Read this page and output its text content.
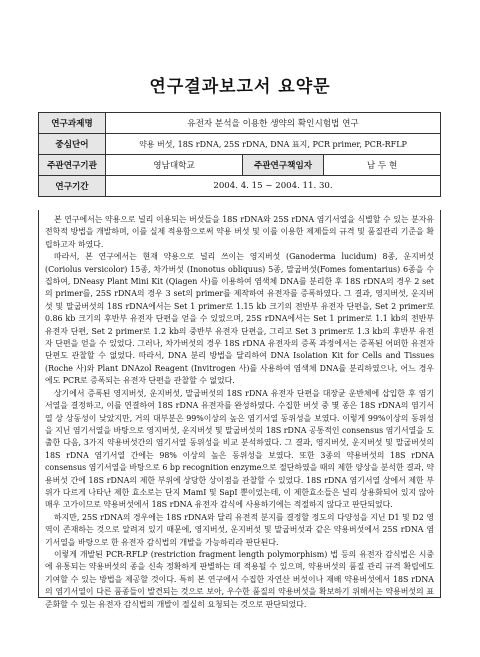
연구결과보고서 요약문
연구과제명	유전자 분석을 이용한 생약의 확인시험법 연구		
중심단어	약용 버섯, 18S rDNA, 25S rDNA, DNA 표지, PCR primer, PCR-RFLP		
주관연구기관	영남대학교	주관연구책임자	남 두 현
연구기간	2004. 4. 15 ~ 2004. 11. 30.		

본 연구에서는 약용으로 널리 이용되는 버섯들을 18S rDNA와 25S rDNA 염기서열을 식별할 수 있는 분자유전학적 방법을 개발하며, 이를 실제 적용함으로써 약용 버섯 및 이를 이용한 제제들의 규격 및 품질관리 기준을 확립하고자 하였다.

따라서, 본 연구에서는 현재 약용으로 널리 쓰이는 영지버섯 (Ganoderma lucidum) 8종, 운지버섯 (Coriolus versicolor) 15종, 차가버섯 (Inonotus obliquus) 5종, 말굽버섯(Fomes fomentarius) 6종을 수집하여, DNeasy Plant Mini Kit (Qiagen 사)를 이용하여 염색체 DNA를 분리한 후 18S rDNA의 경우 2 set의 primer를, 25S rDNA의 경우 3 set의 primer를 제작하여 유전자를 증폭하였다. 그 결과, 영지버섯, 운지버섯 및 말굽버섯의 18S rDNA에서는 Set 1 primer로 1.15 kb 크기의 전반부 유전자 단편을, Set 2 primer로 0.86 kb 크기의 후반부 유전자 단편을 얻을 수 있었으며, 25S rDNA에서는 Set 1 primer로 1.1 kb의 전반부 유전자 단편, Set 2 primer로 1.2 kb의 중반부 유전자 단편을, 그리고 Set 3 primer로 1.3 kb의 후반부 유전자 단편을 얻을 수 있었다. 그러나, 차가버섯의 경우 18S rDNA 유전자의 증폭 과정에서는 증폭된 어떠한 유전자 단편도 관찰할 수 없었다. 따라서, DNA 분리 방법을 달리하여 DNA Isolation Kit for Cells and Tissues (Roche 사)와 Plant DNAzol Reagent (Invitrogen 사)를 사용하여 염색체 DNA를 분리하였으나, 어느 경우에도 PCR로 증폭되는 유전자 단편을 관찰할 수 없었다.

상기에서 증폭된 영지버섯, 운지버섯, 말굽버섯의 18S rDNA 유전자 단편을 대장균 운반체에 삽입한 후 염기서열을 결정하고, 이를 연결하여 18S rDNA 유전자를 완성하였다. 수집한 버섯 중 몇 종은 18S rDNA의 염기서열 상 상동성이 낮았지만, 거의 대부분은 99%이상의 높은 염기서열 동위성을 보였다. 이렇게 99%이상의 동위성을 지닌 염기서열을 바탕으로 영지버섯, 운지버섯 및 말굽버섯의 18S rDNA 공통적인 consensus 염기서열을 도출한 다음, 3가지 약용버섯간의 염기서열 동위성을 비교 분석하였다. 그 결과, 영지버섯, 운지버섯 및 말굽버섯의 18S rDNA 염기서열 간에는 98% 이상의 높은 동위성을 보였다. 또한 3종의 약용버섯의 18S rDNA consensus 염기서열을 바탕으로 6 bp recognition enzyme으로 절단하였을 때의 제한 양상을 분석한 결과, 약용버섯 간에 18S rDNA의 제한 부위에 상당한 상이점을 관찰할 수 있었다. 18S rDNA 염기서열 상에서 제한 부위가 다르게 나타난 제한 효소로는 단지 MamI 및 SapI 뿐이었는데, 이 제한효소들은 널리 상용화되어 있지 않아 매우 고가이므로 약용버섯에서 18S rDNA 유전자 감식에 사용하기에는 적절하지 않다고 판단되었다.

하지만, 25S rDNA의 경우에는 18S rDNA와 달리 유전적 분지를 결정할 정도의 다양성을 지닌 D1 및 D2 영역이 존재하는 것으로 알려져 있기 때문에, 영지버섯, 운지버섯 및 말굽버섯과 같은 약용버섯에서 25S rDNA 염기서열을 바탕으로 한 유전자 감식법의 개발을 가능하리라 판단된다.

이렇게 개발된 PCR-RFLP (restriction fragment length polymorphism) 법 등의 유전자 감식법은 시중에 유통되는 약용버섯의 종을 신속 정확하게 판별하는 데 적용될 수 있으며, 약용버섯의 품질 관리 규격 확립에도 기여할 수 있는 방법을 제공할 것이다. 특히 본 연구에서 수집한 자연산 버섯이나 재배 약용버섯에서 18S rDNA의 염기서열이 다른 품종들이 발견되는 것으로 보아, 우수한 품질의 약용버섯을 확보하기 위해서는 약용버섯의 표준화할 수 있는 유전자 감식법의 개발이 절실히 요청되는 것으로 판단되었다.
